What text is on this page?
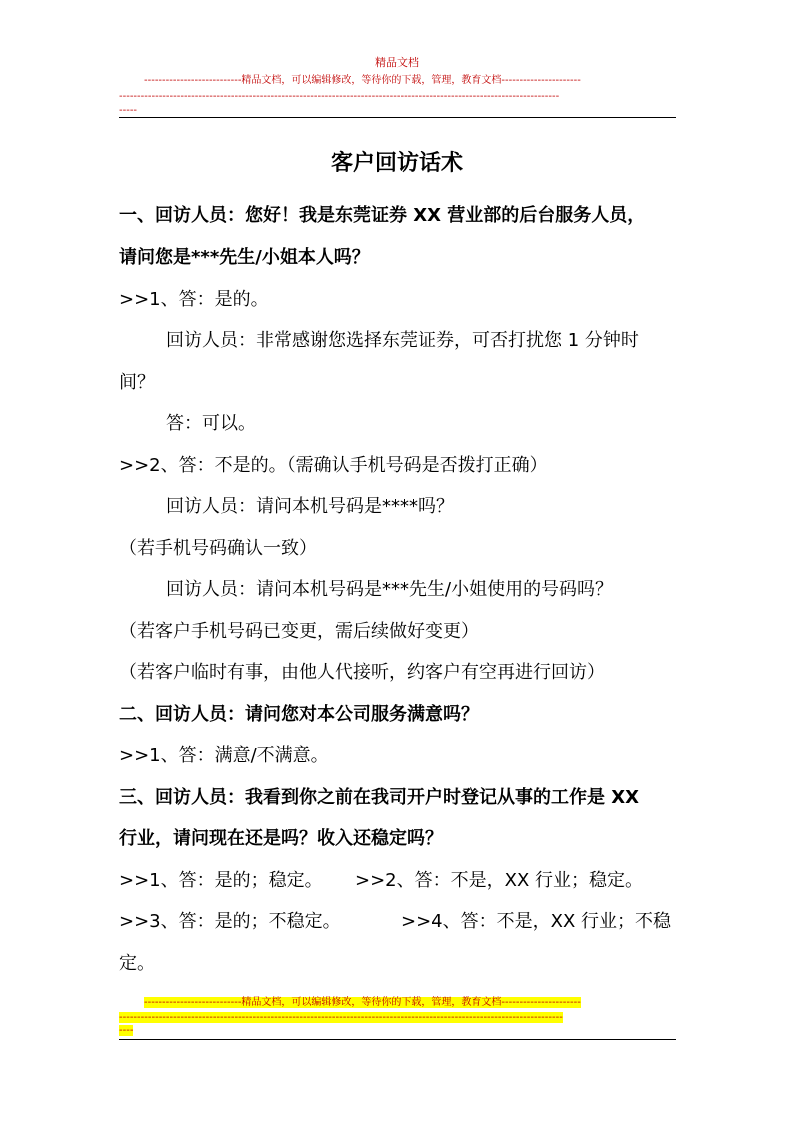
精品文档
---------------------------精品文档，可以编辑修改，等待你的下载，管理，教育文档----------------------
--------------------------------------------------------------------------------------------------------------------------
-----
客户回访话术
一、回访人员：您好！我是东莞证券 XX 营业部的后台服务人员，
请问您是***先生/小姐本人吗？
>>1、答：是的。
回访人员：非常感谢您选择东莞证券，可否打扰您 1 分钟时
间？
答：可以。
>>2、答：不是的。（需确认手机号码是否拨打正确）
回访人员：请问本机号码是****吗？
（若手机号码确认一致）
回访人员：请问本机号码是***先生/小姐使用的号码吗？
（若客户手机号码已变更，需后续做好变更）
（若客户临时有事，由他人代接听，约客户有空再进行回访）
二、回访人员：请问您对本公司服务满意吗？
>>1、答：满意/不满意。
三、回访人员：我看到你之前在我司开户时登记从事的工作是 XX
行业，请问现在还是吗？收入还稳定吗？
>>1、答：是的；稳定。 >>2、答：不是，XX 行业；稳定。
>>3、答：是的；不稳定。	>>4、答：不是，XX 行业；不稳
定。
---------------------------精品文档，可以编辑修改，等待你的下载，管理，教育文档----------------------
---------------------------------------------------------------------------------------------------------------------------
----
